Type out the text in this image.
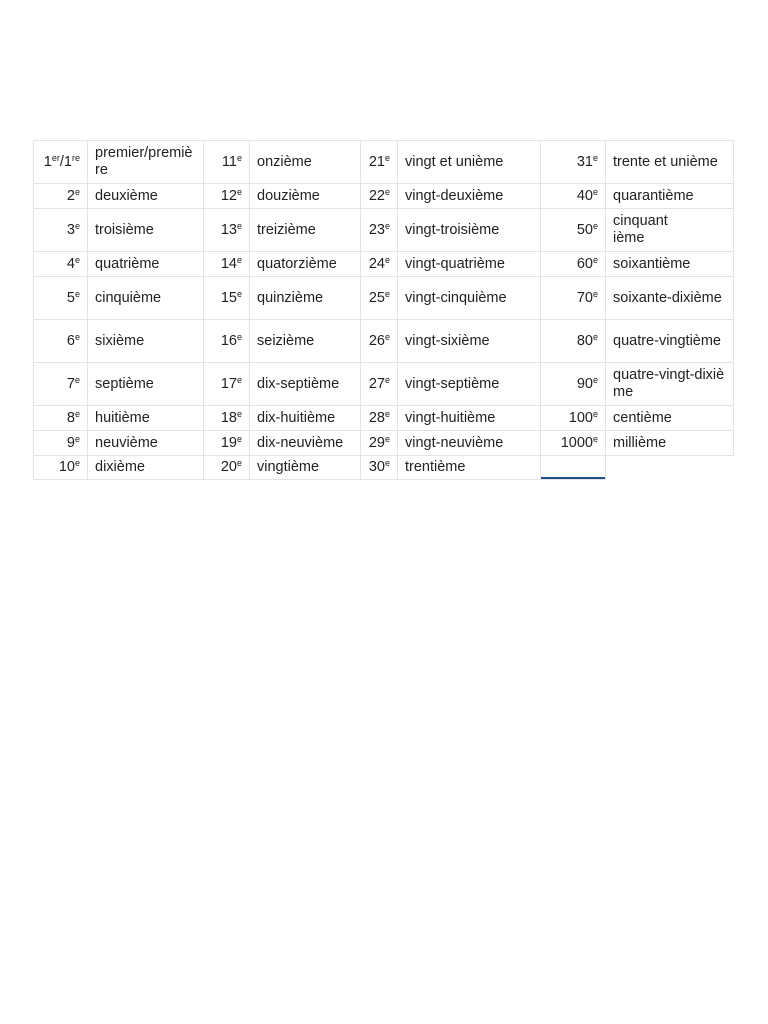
1er/1re	premier/première	11e	onzième	21e	vingt et unième	31e	trente et unième
2e	deuxième	12e	douzième	22e	vingt-deuxième	40e	quarantième
3e	troisième	13e	treizième	23e	vingt-troisième	50e	cinquantième
4e	quatrième	14e	quatorzième	24e	vingt-quatrième	60e	soixantième
5e	cinquième	15e	quinzième	25e	vingt-cinquième	70e	soixante-dixième
6e	sixième	16e	seizième	26e	vingt-sixième	80e	quatre-vingtième
7e	septième	17e	dix-septième	27e	vingt-septième	90e	quatre-vingt-dixième
8e	huitième	18e	dix-huitième	28e	vingt-huitième	100e	centième
9e	neuvième	19e	dix-neuvième	29e	vingt-neuvième	1000e	millième
10e	dixième	20e	vingtième	30e	trentième	
